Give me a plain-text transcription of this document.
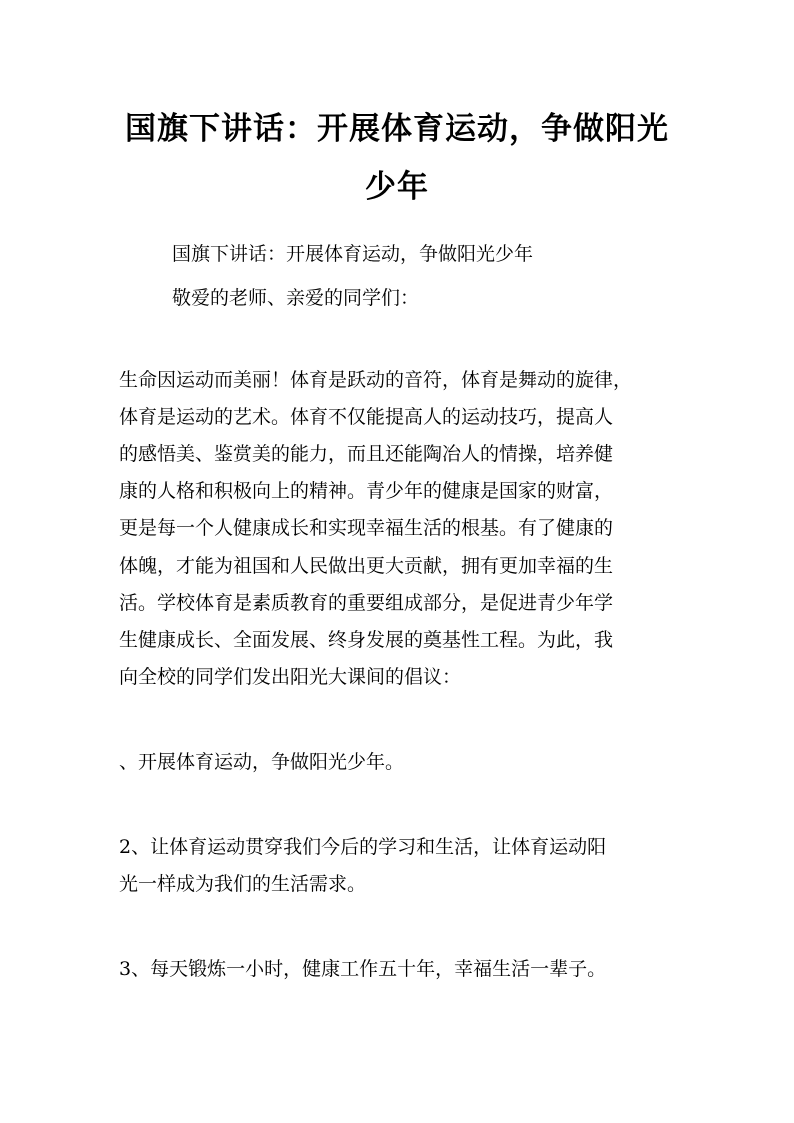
国旗下讲话：开展体育运动，争做阳光少年
国旗下讲话：开展体育运动，争做阳光少年
敬爱的老师、亲爱的同学们：
生命因运动而美丽！体育是跃动的音符，体育是舞动的旋律，
体育是运动的艺术。体育不仅能提高人的运动技巧，提高人
的感悟美、鉴赏美的能力，而且还能陶冶人的情操，培养健
康的人格和积极向上的精神。青少年的健康是国家的财富，
更是每一个人健康成长和实现幸福生活的根基。有了健康的
体魄，才能为祖国和人民做出更大贡献，拥有更加幸福的生
活。学校体育是素质教育的重要组成部分，是促进青少年学
生健康成长、全面发展、终身发展的奠基性工程。为此，我
向全校的同学们发出阳光大课间的倡议：
、开展体育运动，争做阳光少年。
2、让体育运动贯穿我们今后的学习和生活，让体育运动阳
光一样成为我们的生活需求。
3、每天锻炼一小时，健康工作五十年，幸福生活一辈子。
